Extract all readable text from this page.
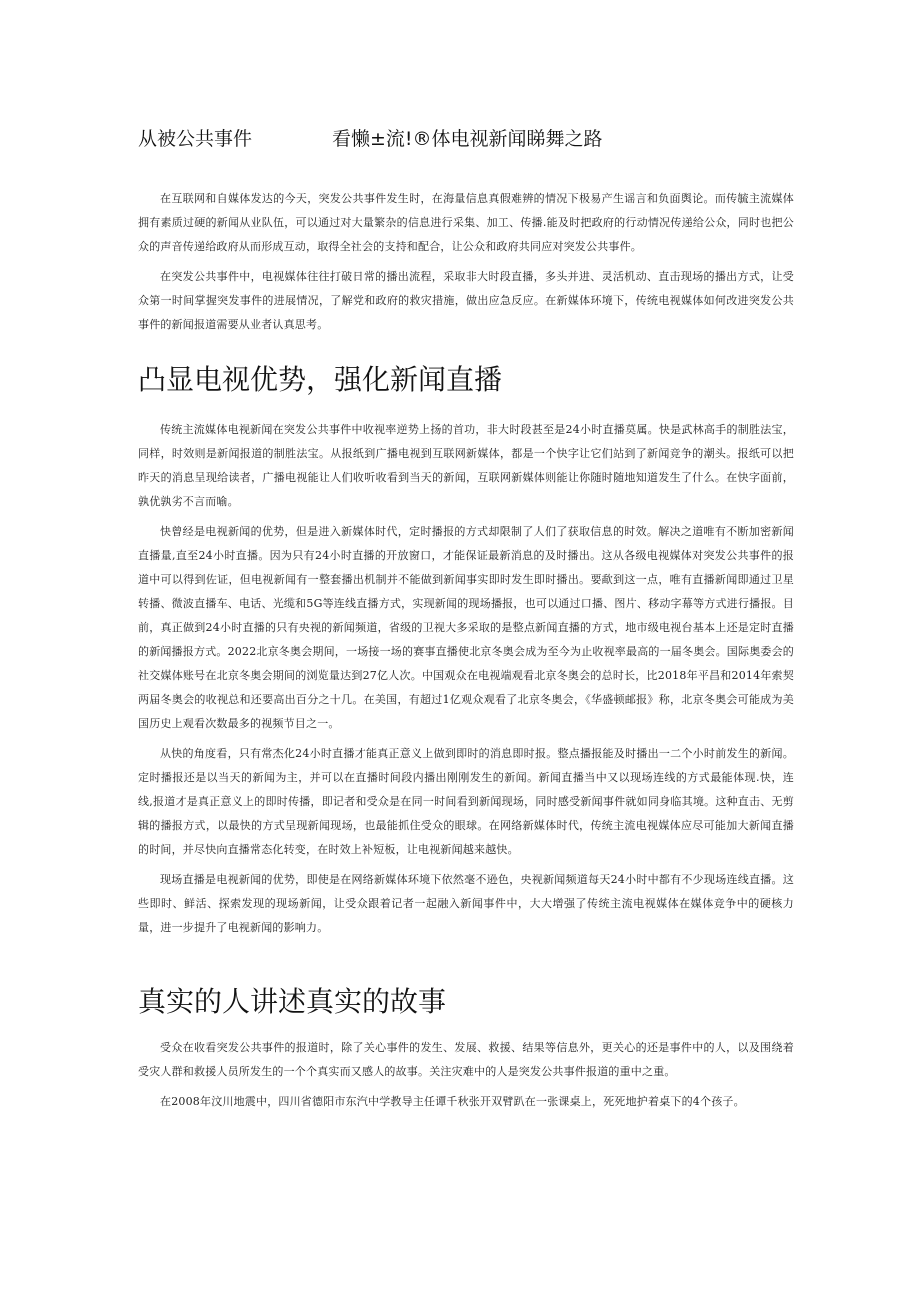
从被公共事件	看懒±流!®体电视新闻睇舞之路

在互联网和自媒体发达的今天，突发公共事件发生时，在海量信息真假难辨的情况下极易产生谣言和负面舆论。而传毓主流媒体拥有素质过硬的新闻从业队伍，可以通过对大量繁杂的信息进行采集、加工、传播.能及时把政府的行动情况传递给公众，同时也把公众的声音传递给政府从而形成互动，取得全社会的支持和配合，让公众和政府共同应对突发公共事件。

在突发公共事件中，电视媒体往往打破日常的播出流程，采取非大时段直播，多头并进、灵活机动、直击现场的播出方式，让受众第一时间掌握突发事件的进展情况，了解党和政府的救灾措施，做出应急反应。在新媒体环境下，传统电视媒体如何改进突发公共事件的新闻报道需要从业者认真思考。

凸显电视优势，强化新闻直播

传统主流媒体电视新闻在突发公共事件中收视率逆势上扬的首功，非大时段甚至是24小时直播莫属。快是武林高手的制胜法宝，同样，时效则是新闻报道的制胜法宝。从报纸到广播电视到互联网新媒体，都是一个快字让它们站到了新闻竞争的潮头。报纸可以把昨天的消息呈现给读者，广播电视能让人们收听收看到当天的新闻，互联网新媒体则能让你随时随地知道发生了什么。在快字面前，孰优孰劣不言而喻。

快曾经是电视新闻的优势，但是进入新媒体时代，定时播报的方式却限制了人们了获取信息的时效。解决之道唯有不断加密新闻直播量,直至24小时直播。因为只有24小时直播的开放窗口，才能保证最新消息的及时播出。这从各级电视媒体对突发公共事件的报道中可以得到佐证，但电视新闻有一整套播出机制并不能做到新闻事实即时发生即时播出。要歃到这一点，唯有直播新闻即通过卫星转播、微波直播车、电话、光缆和5G等连线直播方式，实现新闻的现场播报，也可以通过口播、图片、移动字幕等方式进行播报。目前，真正做到24小时直播的只有央视的新闻频道，省级的卫视大多采取的是整点新闻直播的方式，地市级电视台基本上还是定时直播的新闻播报方式。2022北京冬奥会期间，一场接一场的赛事直播使北京冬奥会成为至今为止收视率最高的一届冬奥会。国际奥委会的社交媒体账号在北京冬奥会期间的浏览量达到27亿人次。中国观众在电视端观看北京冬奥会的总时长，比2018年平昌和2014年索契两届冬奥会的收视总和还要高出百分之十几。在美国，有超过1亿观众观看了北京冬奥会，《华盛顿邮报》称，北京冬奥会可能成为美国历史上观看次数最多的视频节目之一。

从快的角度看，只有常杰化24小时直播才能真正意义上做到即时的消息即时报。整点播报能及时播出一二个小时前发生的新闻。定时播报还是以当天的新闻为主，并可以在直播时间段内播出刚刚发生的新闻。新闻直播当中又以现场连线的方式最能体现.快，连线,报道才是真正意义上的即时传播，即记者和受众是在同一时间看到新闻现场，同时感受新闻事件就如同身临其境。这种直击、无剪辑的播报方式，以最快的方式呈现新闻现场，也最能抓住受众的眼球。在网络新媒体时代，传统主流电视媒体应尽可能加大新闻直播的时间，并尽快向直播常态化转变，在时效上补短板，让电视新闻越来越快。

现场直播是电视新闻的优势，即使是在网络新媒体环境下依然毫不逊色，央视新闻频道每天24小时中都有不少现场连线直播。这些即时、鲜活、探索发现的现场新闻，让受众跟着记者一起融入新闻事件中，大大增强了传统主流电视媒体在媒体竞争中的硬核力量，进一步提升了电视新闻的影响力。

真实的人讲述真实的故事

受众在收看突发公共事件的报道时，除了关心事件的发生、发展、救援、结果等信息外，更关心的还是事件中的人，以及围绕着受灾人群和救援人员所发生的一个个真实而又感人的故事。关注灾难中的人是突发公共事件报道的重中之重。

在2008年汶川地震中，四川省德阳市东汽中学教导主任谭千秋张开双臂趴在一张课桌上，死死地护着桌下的4个孩子。
